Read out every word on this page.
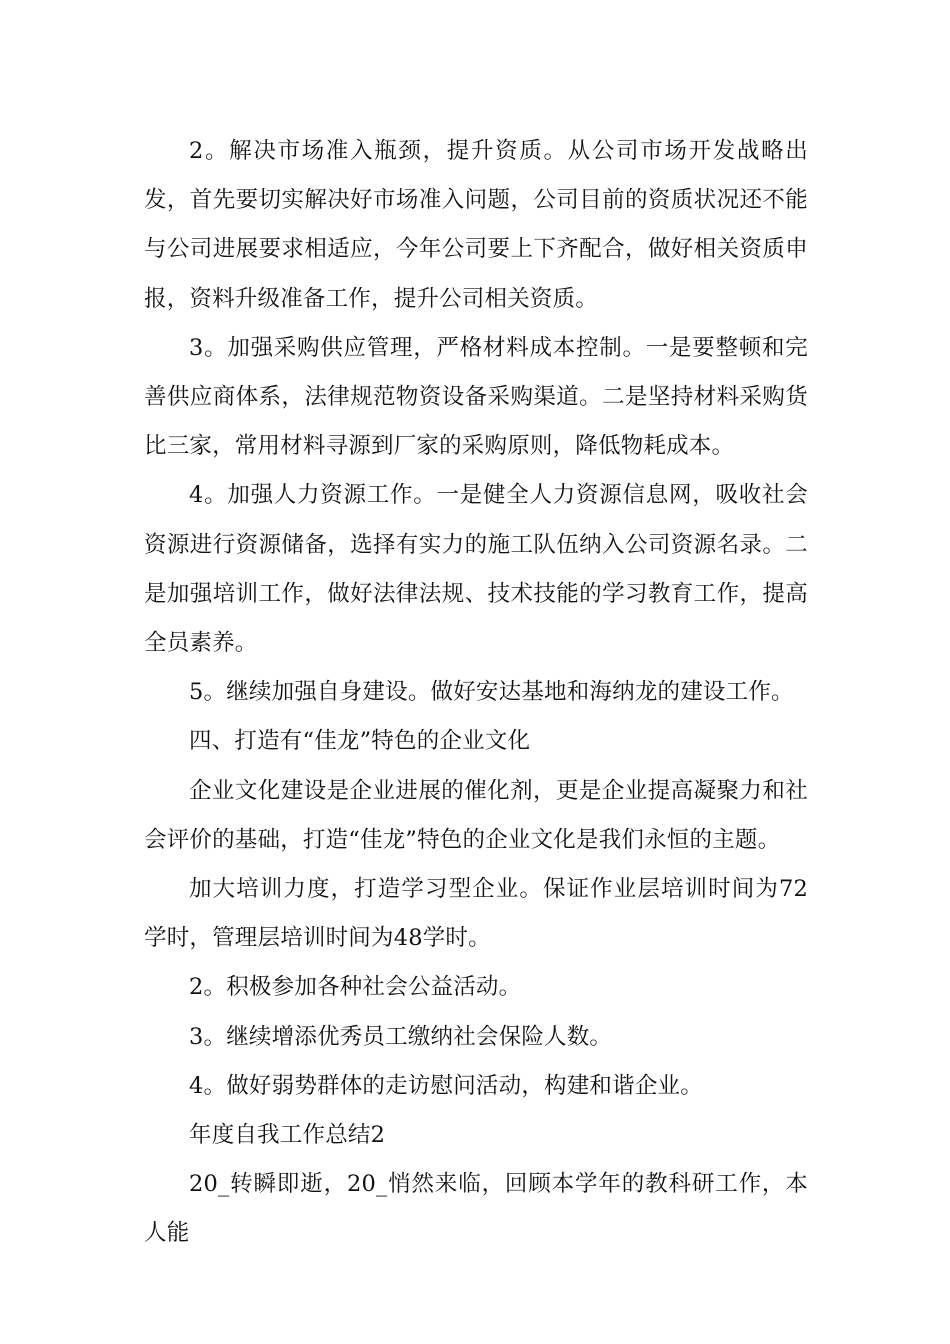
2。解决市场准入瓶颈，提升资质。从公司市场开发战略出发，首先要切实解决好市场准入问题，公司目前的资质状况还不能与公司进展要求相适应，今年公司要上下齐配合，做好相关资质申报，资料升级准备工作，提升公司相关资质。

3。加强采购供应管理，严格材料成本控制。一是要整顿和完善供应商体系，法律规范物资设备采购渠道。二是坚持材料采购货比三家，常用材料寻源到厂家的采购原则，降低物耗成本。

4。加强人力资源工作。一是健全人力资源信息网，吸收社会资源进行资源储备，选择有实力的施工队伍纳入公司资源名录。二是加强培训工作，做好法律法规、技术技能的学习教育工作，提高全员素养。

5。继续加强自身建设。做好安达基地和海纳龙的建设工作。

四、打造有“佳龙”特色的企业文化

企业文化建设是企业进展的催化剂，更是企业提高凝聚力和社会评价的基础，打造“佳龙”特色的企业文化是我们永恒的主题。

加大培训力度，打造学习型企业。保证作业层培训时间为72学时，管理层培训时间为48学时。

2。积极参加各种社会公益活动。

3。继续增添优秀员工缴纳社会保险人数。

4。做好弱势群体的走访慰问活动，构建和谐企业。

年度自我工作总结2

20_转瞬即逝，20_悄然来临，回顾本学年的教科研工作，本人能
